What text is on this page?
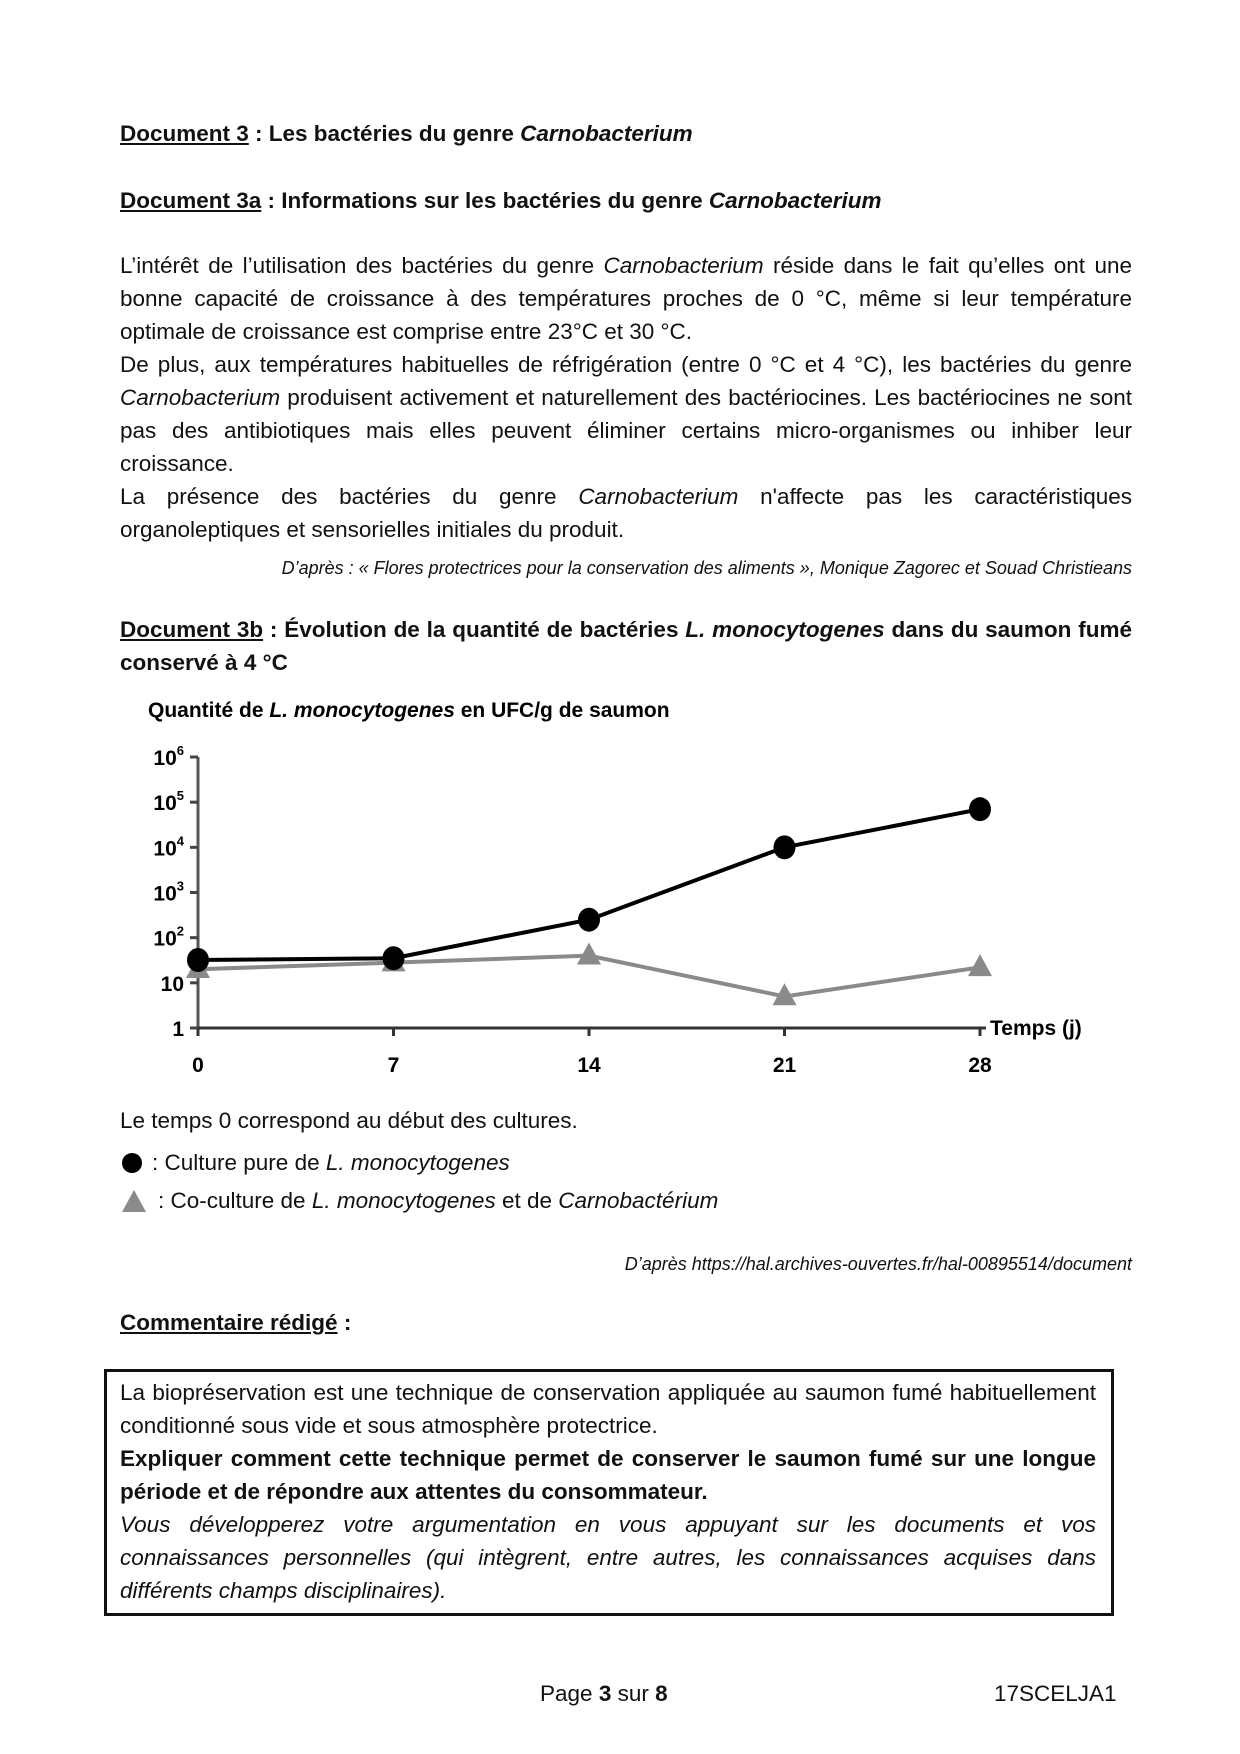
Document 3 : Les bactéries du genre Carnobacterium
Document 3a : Informations sur les bactéries du genre Carnobacterium

L’intérêt de l’utilisation des bactéries du genre Carnobacterium réside dans le fait qu’elles ont une bonne capacité de croissance à des températures proches de 0 °C, même si leur température optimale de croissance est comprise entre 23°C et 30 °C.

De plus, aux températures habituelles de réfrigération (entre 0 °C et 4 °C), les bactéries du genre Carnobacterium produisent activement et naturellement des bactériocines. Les bactériocines ne sont pas des antibiotiques mais elles peuvent éliminer certains micro-organismes ou inhiber leur croissance.

La présence des bactéries du genre Carnobacterium n'affecte pas les caractéristiques organoleptiques et sensorielles initiales du produit.

D’après : « Flores protectrices pour la conservation des aliments », Monique Zagorec et Souad Christieans

Document 3b : Évolution de la quantité de bactéries L. monocytogenes dans du saumon fumé conservé à 4 °C
Quantité de L. monocytogenes en UFC/g de saumon
1
10
$10^2$
$10^3$
$10^4$
$10^5$
$10^6$
0	7	14	21	28
Temps (j)
Le temps 0 correspond au début des cultures.
: Culture pure de L. monocytogenes
: Co-culture de L. monocytogenes et de Carnobactérium

D’après https://hal.archives-ouvertes.fr/hal-00895514/document

Commentaire rédigé :

La biopréservation est une technique de conservation appliquée au saumon fumé habituellement conditionné sous vide et sous atmosphère protectrice.

Expliquer comment cette technique permet de conserver le saumon fumé sur une longue période et de répondre aux attentes du consommateur.

Vous développerez votre argumentation en vous appuyant sur les documents et vos connaissances personnelles (qui intègrent, entre autres, les connaissances acquises dans différents champs disciplinaires).

Page 3 sur 8	17SCELJA1
